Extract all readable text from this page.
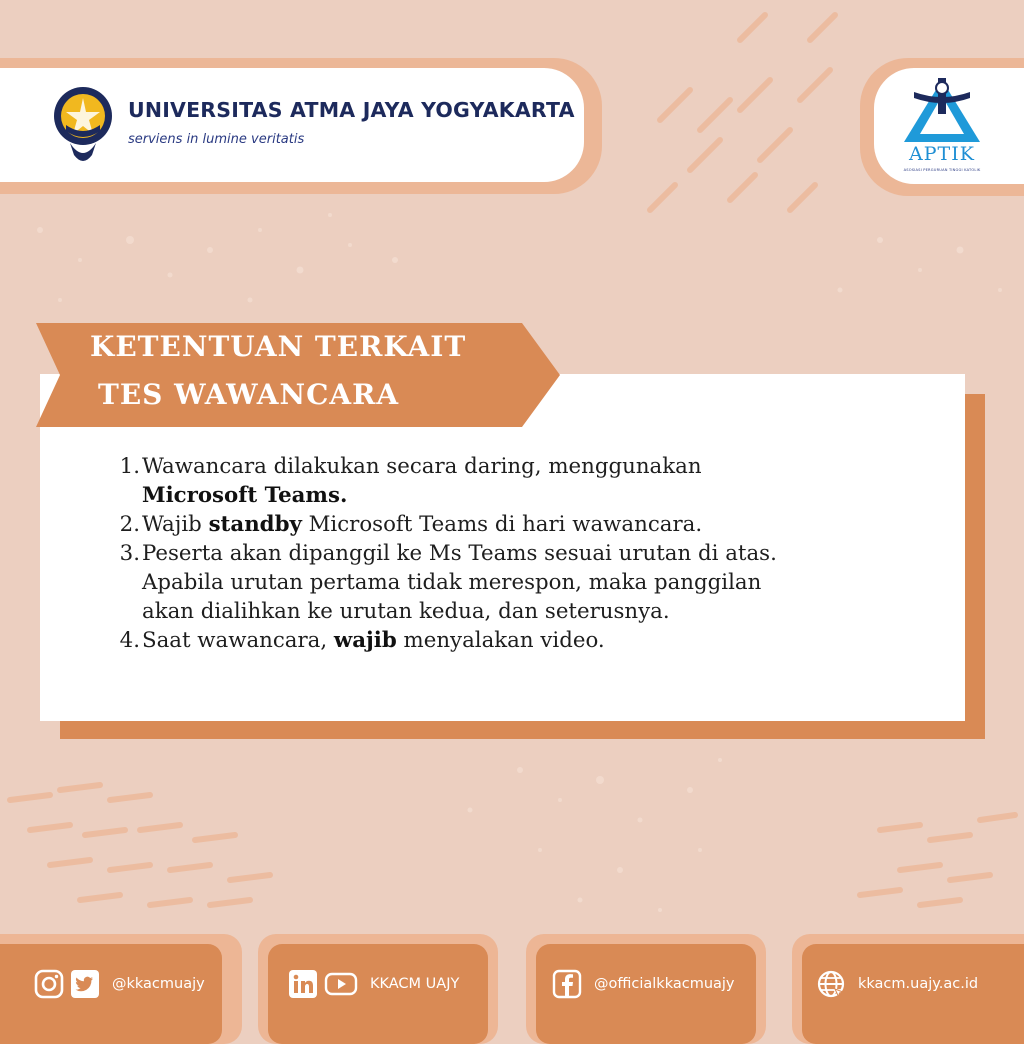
UNIVERSITAS ATMA JAYA YOGYAKARTA
serviens in lumine veritatis
APTIK
ASOSIASI PERGURUAN TINGGI KATOLIK
KETENTUAN TERKAIT
TES WAWANCARA
1. Wawancara dilakukan secara daring, menggunakan
Microsoft Teams.
2. Wajib standby Microsoft Teams di hari wawancara.
3. Peserta akan dipanggil ke Ms Teams sesuai urutan di atas.
Apabila urutan pertama tidak merespon, maka panggilan
akan dialihkan ke urutan kedua, dan seterusnya.
4. Saat wawancara, wajib menyalakan video.
@kkacmuajy	KKACM UAJY	@officialkkacmuajy	kkacm.uajy.ac.id
